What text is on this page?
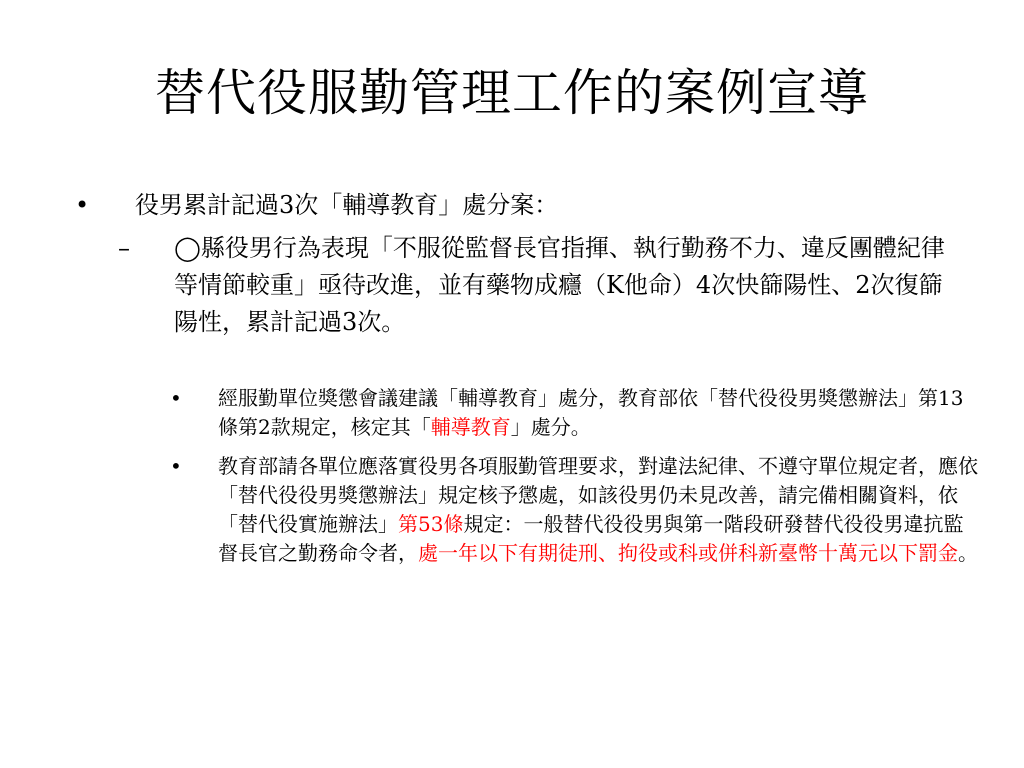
替代役服勤管理工作的案例宣導
•	役男累計記過3次「輔導教育」處分案：
–	◯縣役男行為表現「不服從監督長官指揮、執行勤務不力、違反團體紀律等情節較重」亟待改進，並有藥物成癮（K他命）4次快篩陽性、2次復篩陽性，累計記過3次。
•	經服勤單位獎懲會議建議「輔導教育」處分，教育部依「替代役役男獎懲辦法」第13條第2款規定，核定其「輔導教育」處分。
•	教育部請各單位應落實役男各項服勤管理要求，對違法紀律、不遵守單位規定者，應依「替代役役男獎懲辦法」規定核予懲處，如該役男仍未見改善，請完備相關資料，依「替代役實施辦法」第53條規定：一般替代役役男與第一階段研發替代役役男違抗監督長官之勤務命令者，處一年以下有期徒刑、拘役或科或併科新臺幣十萬元以下罰金。
